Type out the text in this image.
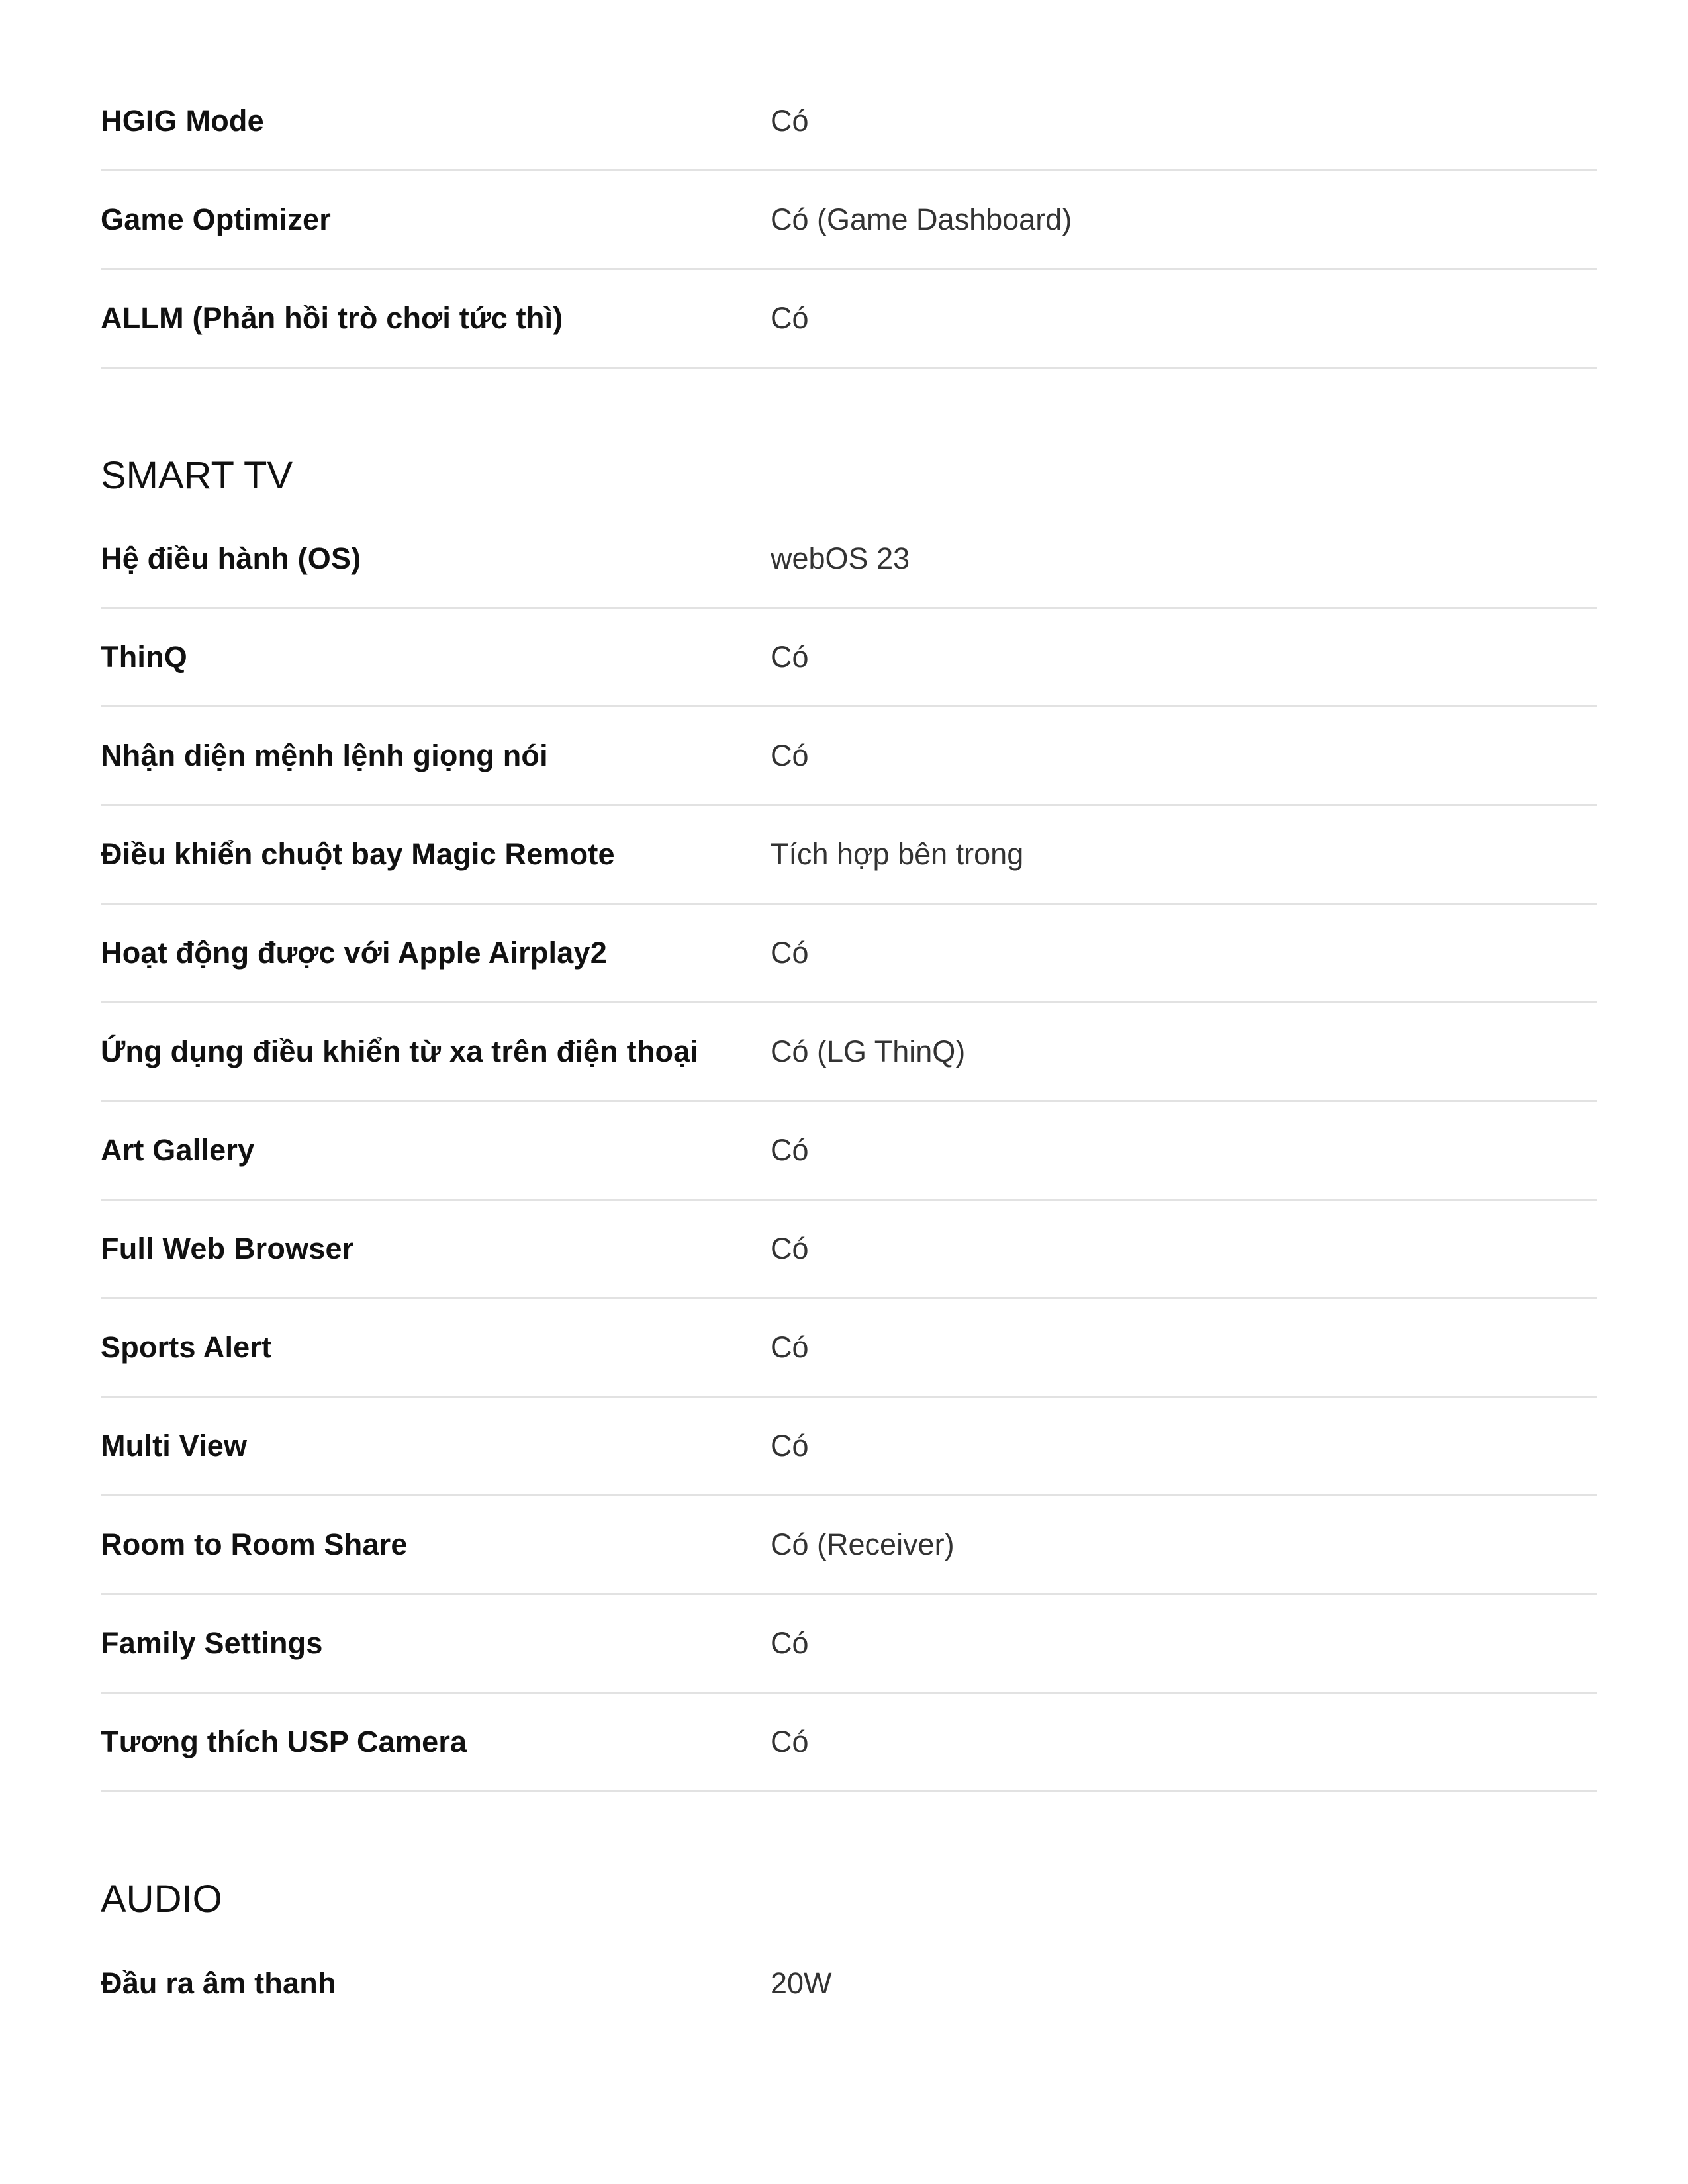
HGIG Mode	Có
Game Optimizer	Có (Game Dashboard)
ALLM (Phản hồi trò chơi tức thì)	Có
SMART TV
Hệ điều hành (OS)	webOS 23
ThinQ	Có
Nhận diện mệnh lệnh giọng nói	Có
Điều khiển chuột bay Magic Remote	Tích hợp bên trong
Hoạt động được với Apple Airplay2	Có
Ứng dụng điều khiển từ xa trên điện thoại	Có (LG ThinQ)
Art Gallery	Có
Full Web Browser	Có
Sports Alert	Có
Multi View	Có
Room to Room Share	Có (Receiver)
Family Settings	Có
Tương thích USP Camera	Có
AUDIO
Đầu ra âm thanh	20W
